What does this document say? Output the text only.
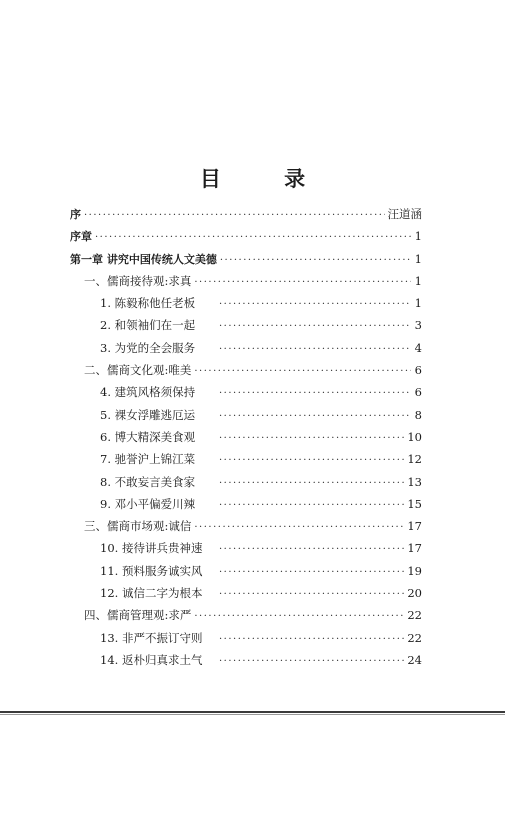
目 录
序 ·····	汪道涵
序章 ·····	1
第一章 讲究中国传统人文美德 ·····	1
一、儒商接待观:求真 ·····	1
1. 陈毅称他任老板 ·····	1
2. 和领袖们在一起 ·····	3
3. 为党的全会服务 ·····	4
二、儒商文化观:唯美 ·····	6
4. 建筑风格须保持 ·····	6
5. 裸女浮雕逃厄运 ·····	8
6. 博大精深美食观 ·····	10
7. 驰誉沪上锦江菜 ·····	12
8. 不敢妄言美食家 ·····	13
9. 邓小平偏爱川辣 ·····	15
三、儒商市场观:诚信 ·····	17
10. 接待讲兵贵神速 ·····	17
11. 预料服务诚实风 ·····	19
12. 诚信二字为根本 ·····	20
四、儒商管理观:求严 ·····	22
13. 非严不振订守则 ·····	22
14. 返朴归真求土气 ·····	24
